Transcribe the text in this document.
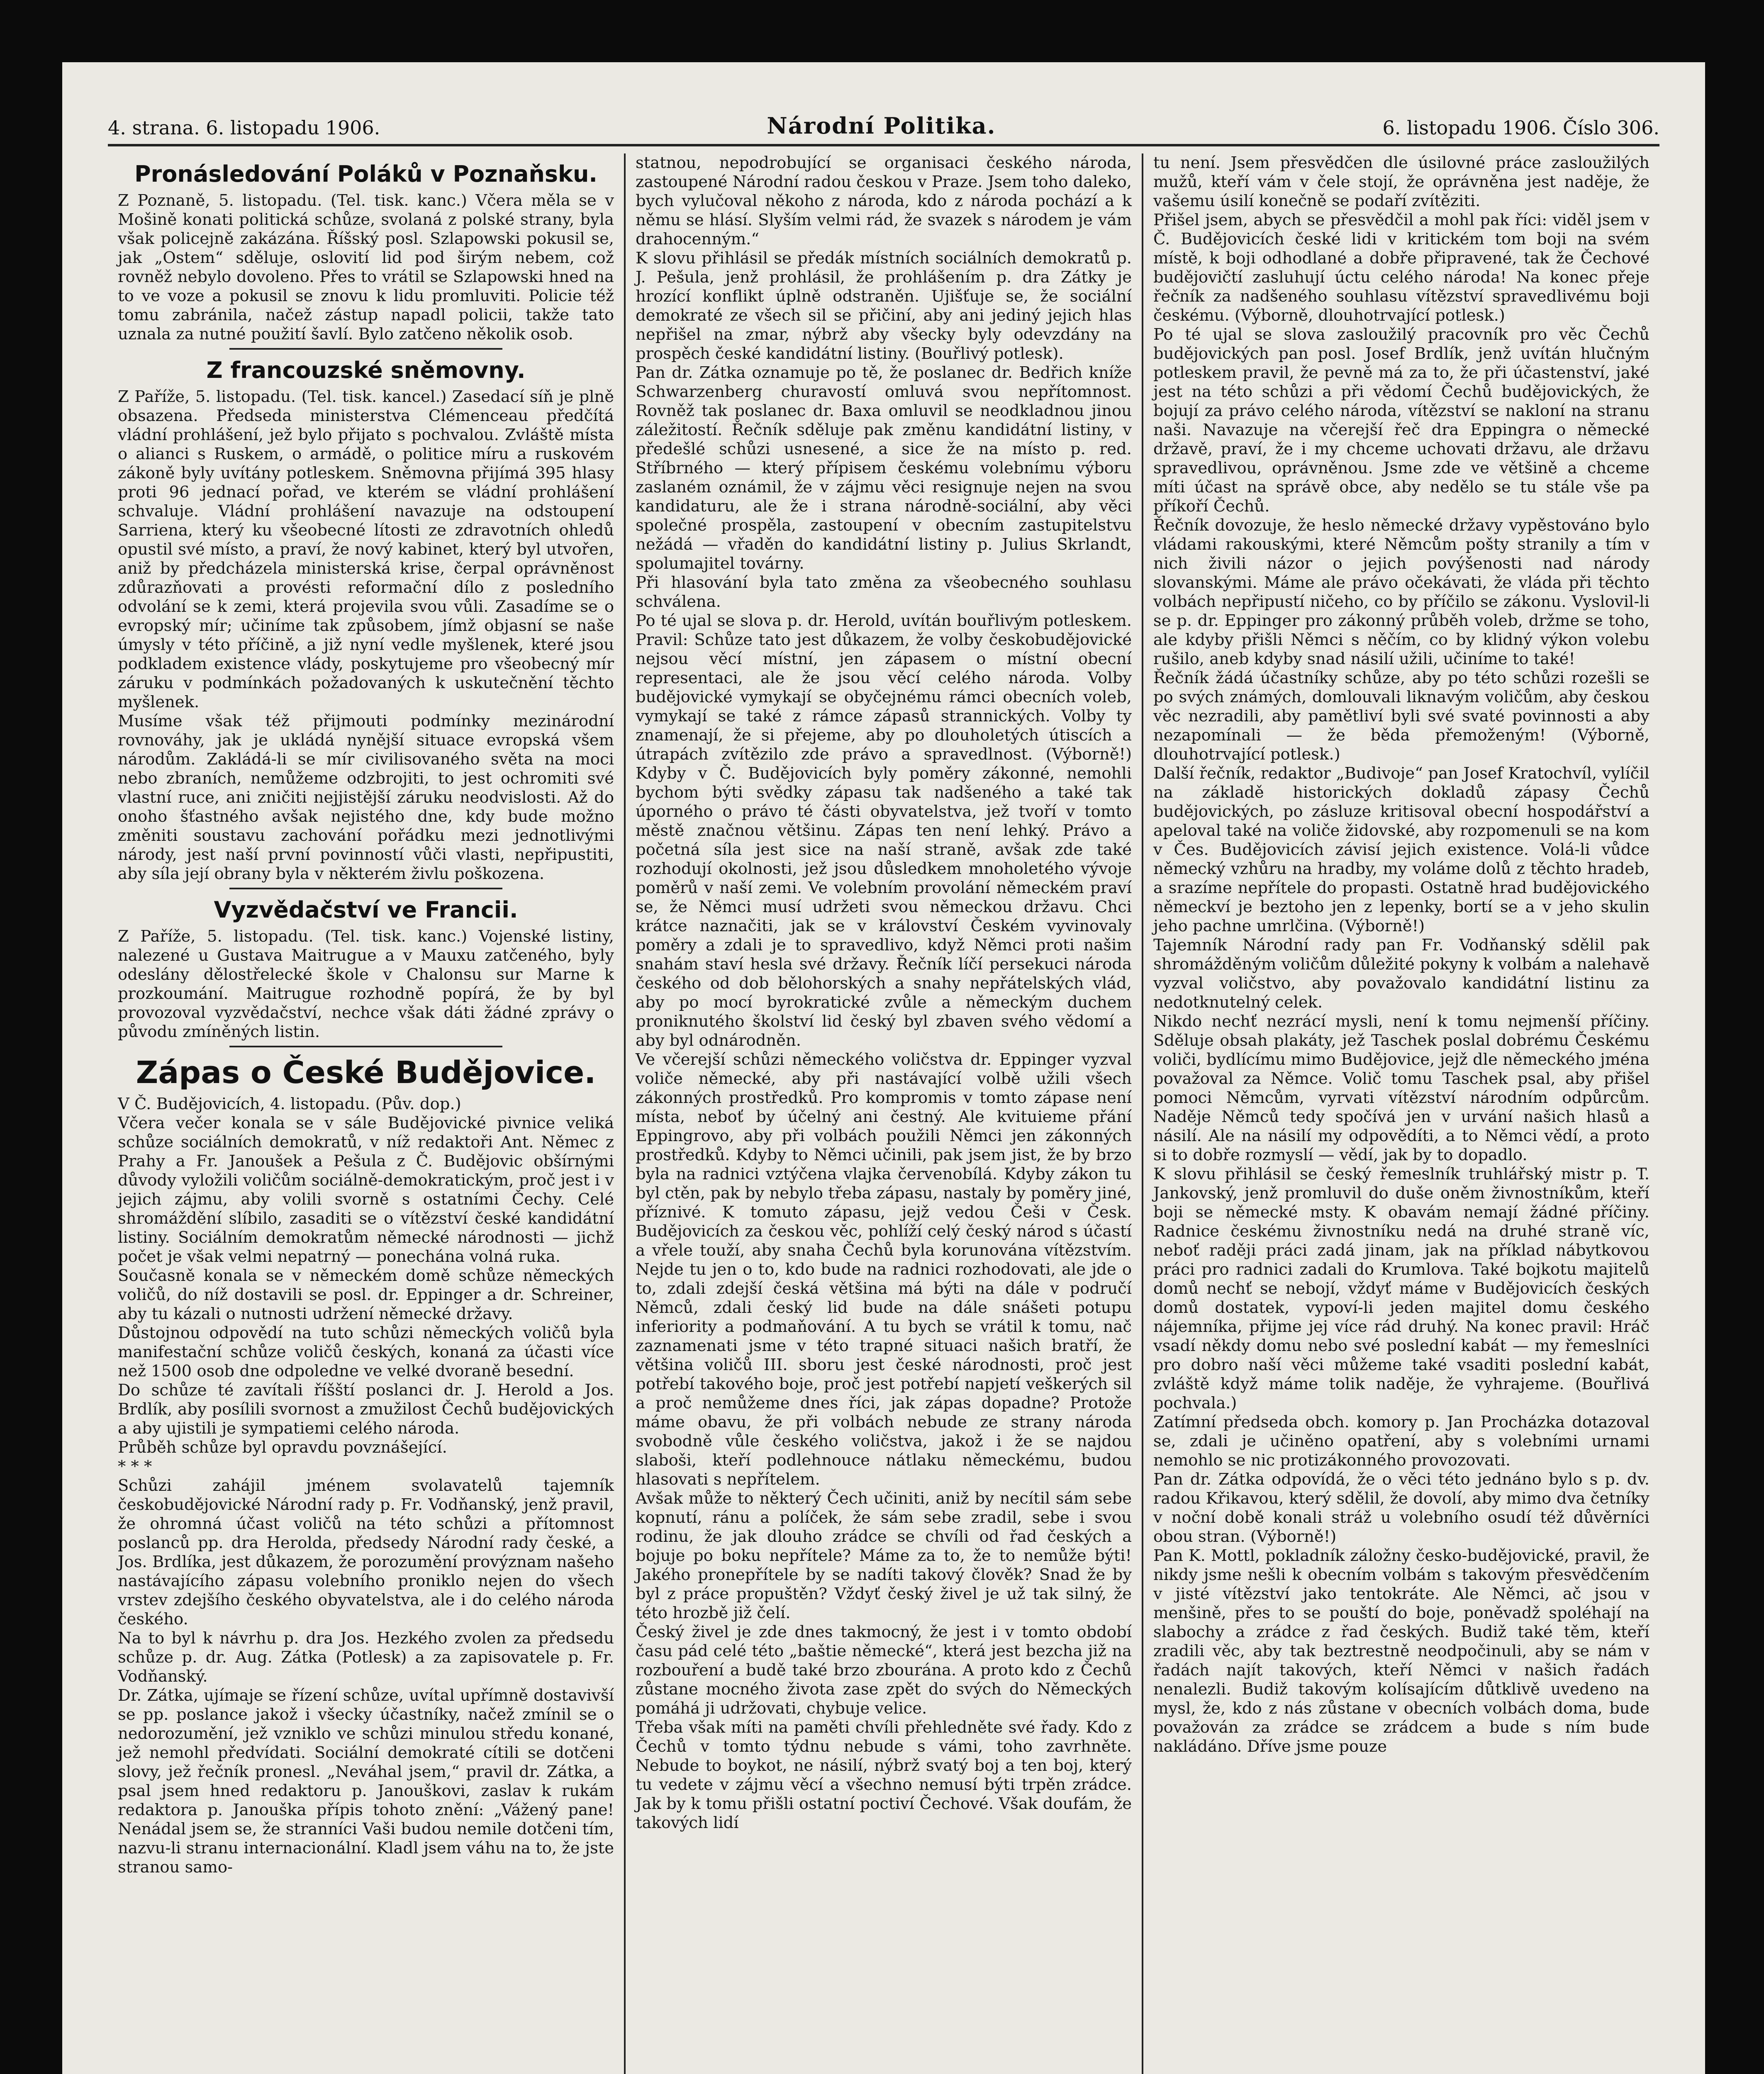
4. strana. 6. listopadu 1906.	Národní Politika.	6. listopadu 1906. Číslo 306.
Pronásledování Poláků v Poznaňsku.

Z Poznaně, 5. listopadu. (Tel. tisk. kanc.) Včera měla se v Mošině konati politická schůze, svolaná z polské strany, byla však policejně zakázána. Říšský posl. Szlapowski pokusil se, jak „Ostem“ sděluje, oslovití lid pod širým nebem, což rovněž nebylo dovoleno. Přes to vrátil se Szlapowski hned na to ve voze a pokusil se znovu k lidu promluviti. Policie též tomu zabránila, načež zástup napadl policii, takže tato uznala za nutné použití šavlí. Bylo zatčeno několik osob.

Z francouzské sněmovny.

Z Paříže, 5. listopadu. (Tel. tisk. kancel.) Zasedací síň je plně obsazena. Předseda ministerstva Clémenceau předčítá vládní prohlášení, jež bylo přijato s pochvalou. Zvláště místa o alianci s Ruskem, o armádě, o politice míru a ruskovém zákoně byly uvítány potleskem. Sněmovna přijímá 395 hlasy proti 96 jednací pořad, ve kterém se vládní prohlášení schvaluje. Vládní prohlášení navazuje na odstoupení Sarriena, který ku všeobecné lítosti ze zdravotních ohledů opustil své místo, a praví, že nový kabinet, který byl utvořen, aniž by předcházela ministerská krise, čerpal oprávněnost zdůrazňovati a provésti reformační dílo z posledního odvolání se k zemi, která projevila svou vůli. Zasadíme se o evropský mír; učiníme tak způsobem, jímž objasní se naše úmysly v této příčině, a již nyní vedle myšlenek, které jsou podkladem existence vlády, poskytujeme pro všeobecný mír záruku v podmínkách požadovaných k uskutečnění těchto myšlenek.
Musíme však též přijmouti podmínky mezinárodní rovnováhy, jak je ukládá nynější situace evropská všem národům. Zakládá-li se mír civilisovaného světa na moci nebo zbraních, nemůžeme odzbrojiti, to jest ochromiti své vlastní ruce, ani zničiti nejjistější záruku neodvislosti. Až do onoho šťastného avšak nejistého dne, kdy bude možno změniti soustavu zachování pořádku mezi jednotlivými národy, jest naší první povinností vůči vlasti, nepřipustiti, aby síla její obrany byla v některém živlu poškozena.

Vyzvědačství ve Francii.

Z Paříže, 5. listopadu. (Tel. tisk. kanc.) Vojenské listiny, nalezené u Gustava Maitrugue a v Mauxu zatčeného, byly odeslány dělostřelecké škole v Chalonsu sur Marne k prozkoumání. Maitrugue rozhodně popírá, že by byl provozoval vyzvědačství, nechce však dáti žádné zprávy o původu zmíněných listin.

Zápas o České Budějovice.

V Č. Budějovicích, 4. listopadu. (Pův. dop.)
Včera večer konala se v sále Budějovické pivnice veliká schůze sociálních demokratů, v níž redaktoři Ant. Němec z Prahy a Fr. Janoušek a Pešula z Č. Budějovic obšírnými důvody vyložili voličům sociálně-demokratickým, proč jest i v jejich zájmu, aby volili svorně s ostatními Čechy. Celé shromáždění slíbilo, zasaditi se o vítězství české kandidátní listiny. Sociálním demokratům německé národnosti — jichž počet je však velmi nepatrný — ponechána volná ruka.
Současně konala se v německém domě schůze německých voličů, do níž dostavili se posl. dr. Eppinger a dr. Schreiner, aby tu kázali o nutnosti udržení německé državy.
Důstojnou odpovědí na tuto schůzi německých voličů byla manifestační schůze voličů českých, konaná za účasti více než 1500 osob dne odpoledne ve velké dvoraně besední.
Do schůze té zavítali říšští poslanci dr. J. Herold a Jos. Brdlík, aby posílili svornost a zmužilost Čechů budějovických a aby ujistili je sympatiemi celého národa.
Průběh schůze byl opravdu povznášející.
* * *
Schůzi zahájil jménem svolavatelů tajemník českobudějovické Národní rady p. Fr. Vodňanský, jenž pravil, že ohromná účast voličů na této schůzi a přítomnost poslanců pp. dra Herolda, předsedy Národní rady české, a Jos. Brdlíka, jest důkazem, že porozumění provýznam našeho nastávajícího zápasu volebního proniklo nejen do všech vrstev zdejšího českého obyvatelstva, ale i do celého národa českého.
Na to byl k návrhu p. dra Jos. Hezkého zvolen za předsedu schůze p. dr. Aug. Zátka (Potlesk) a za zapisovatele p. Fr. Vodňanský.
Dr. Zátka, ujímaje se řízení schůze, uvítal upřímně dostavivší se pp. poslance jakož i všecky účastníky, načež zmínil se o nedorozumění, jež vzniklo ve schůzi minulou středu konané, jež nemohl předvídati. Sociální demokraté cítili se dotčeni slovy, jež řečník pronesl. „Neváhal jsem,“ pravil dr. Zátka, a psal jsem hned redaktoru p. Janouškovi, zaslav k rukám redaktora p. Janouška přípis tohoto znění: „Vážený pane! Nenádal jsem se, že stranníci Vaši budou nemile dotčeni tím, nazvu-li stranu internacionální. Kladl jsem váhu na to, že jste stranou samo-

statnou, nepodrobující se organisaci českého národa, zastoupené Národní radou českou v Praze. Jsem toho daleko, bych vylučoval někoho z národa, kdo z národa pochází a k němu se hlásí. Slyším velmi rád, že svazek s národem je vám drahocenným.“
K slovu přihlásil se předák místních sociálních demokratů p. J. Pešula, jenž prohlásil, že prohlášením p. dra Zátky je hrozící konflikt úplně odstraněn. Ujišťuje se, že sociální demokraté ze všech sil se přičiní, aby ani jediný jejich hlas nepřišel na zmar, nýbrž aby všecky byly odevzdány na prospěch české kandidátní listiny. (Bouřlivý potlesk).
Pan dr. Zátka oznamuje po tě, že poslanec dr. Bedřich kníže Schwarzenberg churavostí omluvá svou nepřítomnost. Rovněž tak poslanec dr. Baxa omluvil se neodkladnou jinou záležitostí. Řečník sděluje pak změnu kandidátní listiny, v předešlé schůzi usnesené, a sice že na místo p. red. Stříbrného — který přípisem českému volebnímu výboru zaslaném oznámil, že v zájmu věci resignuje nejen na svou kandidaturu, ale že i strana národně-sociální, aby věci společné prospěla, zastoupení v obecním zastupitelstvu nežádá — vřaděn do kandidátní listiny p. Julius Skrlandt, spolumajitel továrny.
Při hlasování byla tato změna za všeobecného souhlasu schválena.
Po té ujal se slova p. dr. Herold, uvítán bouřlivým potleskem. Pravil: Schůze tato jest důkazem, že volby českobudějovické nejsou věcí místní, jen zápasem o místní obecní representaci, ale že jsou věcí celého národa. Volby budějovické vymykají se obyčejnému rámci obecních voleb, vymykají se také z rámce zápasů strannických. Volby ty znamenají, že si přejeme, aby po dlouholetých útiscích a útrapách zvítězilo zde právo a spravedlnost. (Výborně!) Kdyby v Č. Budějovicích byly poměry zákonné, nemohli bychom býti svědky zápasu tak nadšeného a také tak úporného o právo té části obyvatelstva, jež tvoří v tomto městě značnou většinu. Zápas ten není lehký. Právo a početná síla jest sice na naší straně, avšak zde také rozhodují okolnosti, jež jsou důsledkem mnoholetého vývoje poměrů v naší zemi. Ve volebním provolání německém praví se, že Němci musí udržeti svou německou državu. Chci krátce naznačiti, jak se v království Českém vyvinovaly poměry a zdali je to spravedlivo, když Němci proti našim snahám staví hesla své državy. Řečník líčí persekuci národa českého od dob bělohorských a snahy nepřátelských vlád, aby po mocí byrokratické zvůle a německým duchem proniknutého školství lid český byl zbaven svého vědomí a aby byl odnárodněn.
Ve včerejší schůzi německého voličstva dr. Eppinger vyzval voliče německé, aby při nastávající volbě užili všech zákonných prostředků. Pro kompromis v tomto zápase není místa, neboť by účelný ani čestný. Ale kvituieme přání Eppingrovo, aby při volbách použili Němci jen zákonných prostředků. Kdyby to Němci učinili, pak jsem jist, že by brzo byla na radnici vztýčena vlajka červenobílá. Kdyby zákon tu byl ctěn, pak by nebylo třeba zápasu, nastaly by poměry jiné, příznivé. K tomuto zápasu, jejž vedou Češi v Česk. Budějovicích za českou věc, pohlíží celý český národ s účastí a vřele touží, aby snaha Čechů byla korunována vítězstvím. Nejde tu jen o to, kdo bude na radnici rozhodovati, ale jde o to, zdali zdejší česká většina má býti na dále v područí Němců, zdali český lid bude na dále snášeti potupu inferiority a podmaňování. A tu bych se vrátil k tomu, nač zaznamenati jsme v této trapné situaci našich bratří, že většina voličů III. sboru jest české národnosti, proč jest potřebí takového boje, proč jest potřebí napjetí veškerých sil a proč nemůžeme dnes říci, jak zápas dopadne? Protože máme obavu, že při volbách nebude ze strany národa svobodně vůle českého voličstva, jakož i že se najdou slaboši, kteří podlehnouce nátlaku německému, budou hlasovati s nepřítelem.
Avšak může to některý Čech učiniti, aniž by necítil sám sebe kopnutí, ránu a políček, že sám sebe zradil, sebe i svou rodinu, že jak dlouho zrádce se chvíli od řad českých a bojuje po boku nepřítele? Máme za to, že to nemůže býti! Jakého pronepřítele by se nadíti takový člověk? Snad že by byl z práce propuštěn? Vždyť český živel je už tak silný, že této hrozbě již čelí.
Český živel je zde dnes takmocný, že jest i v tomto období času pád celé této „baštie německé“, která jest bezcha již na rozbouření a budě také brzo zbourána. A proto kdo z Čechů zůstane mocného života zase zpět do svých do Německých pomáhá ji udržovati, chybuje velice.
Třeba však míti na paměti chvíli přehledněte své řady. Kdo z Čechů v tomto týdnu nebude s vámi, toho zavrhněte. Nebude to boykot, ne násilí, nýbrž svatý boj a ten boj, který tu vedete v zájmu věcí a všechno nemusí býti trpěn zrádce. Jak by k tomu přišli ostatní poctiví Čechové. Však doufám, že takových lidí

tu není. Jsem přesvědčen dle úsilovné práce zasloužilých mužů, kteří vám v čele stojí, že oprávněna jest naděje, že vašemu úsilí konečně se podaří zvítěziti.
Přišel jsem, abych se přesvědčil a mohl pak říci: viděl jsem v Č. Budějovicích české lidi v kritickém tom boji na svém místě, k boji odhodlané a dobře připravené, tak že Čechové budějovičtí zasluhují úctu celého národa! Na konec přeje řečník za nadšeného souhlasu vítězství spravedlivému boji českému. (Výborně, dlouhotrvající potlesk.)
Po té ujal se slova zasloužilý pracovník pro věc Čechů budějovických pan posl. Josef Brdlík, jenž uvítán hlučným potleskem pravil, že pevně má za to, že při účastenství, jaké jest na této schůzi a při vědomí Čechů budějovických, že bojují za právo celého národa, vítězství se nakloní na stranu naši. Navazuje na včerejší řeč dra Eppingra o německé državě, praví, že i my chceme uchovati državu, ale državu spravedlivou, oprávněnou. Jsme zde ve většině a chceme míti účast na správě obce, aby nedělo se tu stále vše pa příkoří Čechů.
Řečník dovozuje, že heslo německé državy vypěstováno bylo vládami rakouskými, které Němcům pošty stranily a tím v nich živili názor o jejich povýšenosti nad národy slovanskými. Máme ale právo očekávati, že vláda při těchto volbách nepřipustí ničeho, co by příčilo se zákonu. Vyslovil-li se p. dr. Eppinger pro zákonný průběh voleb, držme se toho, ale kdyby přišli Němci s něčím, co by klidný výkon volebu rušilo, aneb kdyby snad násilí užili, učiníme to také!
Řečník žádá účastníky schůze, aby po této schůzi rozešli se po svých známých, domlouvali liknavým voličům, aby českou věc nezradili, aby pamětliví byli své svaté povinnosti a aby nezapomínali — že běda přemoženým! (Výborně, dlouhotrvající potlesk.)
Další řečník, redaktor „Budivoje“ pan Josef Kratochvíl, vylíčil na základě historických dokladů zápasy Čechů budějovických, po zásluze kritisoval obecní hospodářství a apeloval také na voliče židovské, aby rozpomenuli se na kom v Čes. Budějovicích závisí jejich existence. Volá-li vůdce německý vzhůru na hradby, my voláme dolů z těchto hradeb, a srazíme nepřítele do propasti. Ostatně hrad budějovického německví je beztoho jen z lepenky, bortí se a v jeho skulin jeho pachne umrlčina. (Výborně!)
Tajemník Národní rady pan Fr. Vodňanský sdělil pak shromážděným voličům důležité pokyny k volbám a nalehavě vyzval voličstvo, aby považovalo kandidátní listinu za nedotknutelný celek.
Nikdo nechť nezrácí mysli, není k tomu nejmenší příčiny. Sděluje obsah plakáty, jež Taschek poslal dobrému Českému voliči, bydlícímu mimo Budějovice, jejž dle německého jména považoval za Němce. Volič tomu Taschek psal, aby přišel pomoci Němcům, vyrvati vítězství národním odpůrcům. Naděje Němců tedy spočívá jen v urvání našich hlasů a násilí. Ale na násilí my odpovědíti, a to Němci vědí, a proto si to dobře rozmyslí — vědí, jak by to dopadlo.
K slovu přihlásil se český řemeslník truhlářský mistr p. T. Jankovský, jenž promluvil do duše oněm živnostníkům, kteří boji se německé msty. K obavám nemají žádné příčiny. Radnice českému živnostníku nedá na druhé straně víc, neboť raději práci zadá jinam, jak na příklad nábytkovou práci pro radnici zadali do Krumlova. Také bojkotu majitelů domů nechť se nebojí, vždyť máme v Budějovicích českých domů dostatek, vypoví-li jeden majitel domu českého nájemníka, přijme jej více rád druhý. Na konec pravil: Hráč vsadí někdy domu nebo své poslední kabát — my řemeslníci pro dobro naší věci můžeme také vsaditi poslední kabát, zvláště když máme tolik naděje, že vyhrajeme. (Bouřlivá pochvala.)
Zatímní předseda obch. komory p. Jan Procházka dotazoval se, zdali je učiněno opatření, aby s volebními urnami nemohlo se nic protizákonného provozovati.
Pan dr. Zátka odpovídá, že o věci této jednáno bylo s p. dv. radou Křikavou, který sdělil, že dovolí, aby mimo dva četníky v noční době konali stráž u volebního osudí též důvěrníci obou stran. (Výborně!)
Pan K. Mottl, pokladník záložny česko-budějovické, pravil, že nikdy jsme nešli k obecním volbám s takovým přesvědčením v jisté vítězství jako tentokráte. Ale Němci, ač jsou v menšině, přes to se pouští do boje, poněvadž spoléhají na slabochy a zrádce z řad českých. Budiž také těm, kteří zradili věc, aby tak beztrestně neodpočinuli, aby se nám v řadách najít takových, kteří Němci v našich řadách nenalezli. Budiž takovým kolísajícím důtklivě uvedeno na mysl, že, kdo z nás zůstane v obecních volbách doma, bude považován za zrádce se zrádcem a bude s ním bude nakládáno. Dříve jsme pouze
